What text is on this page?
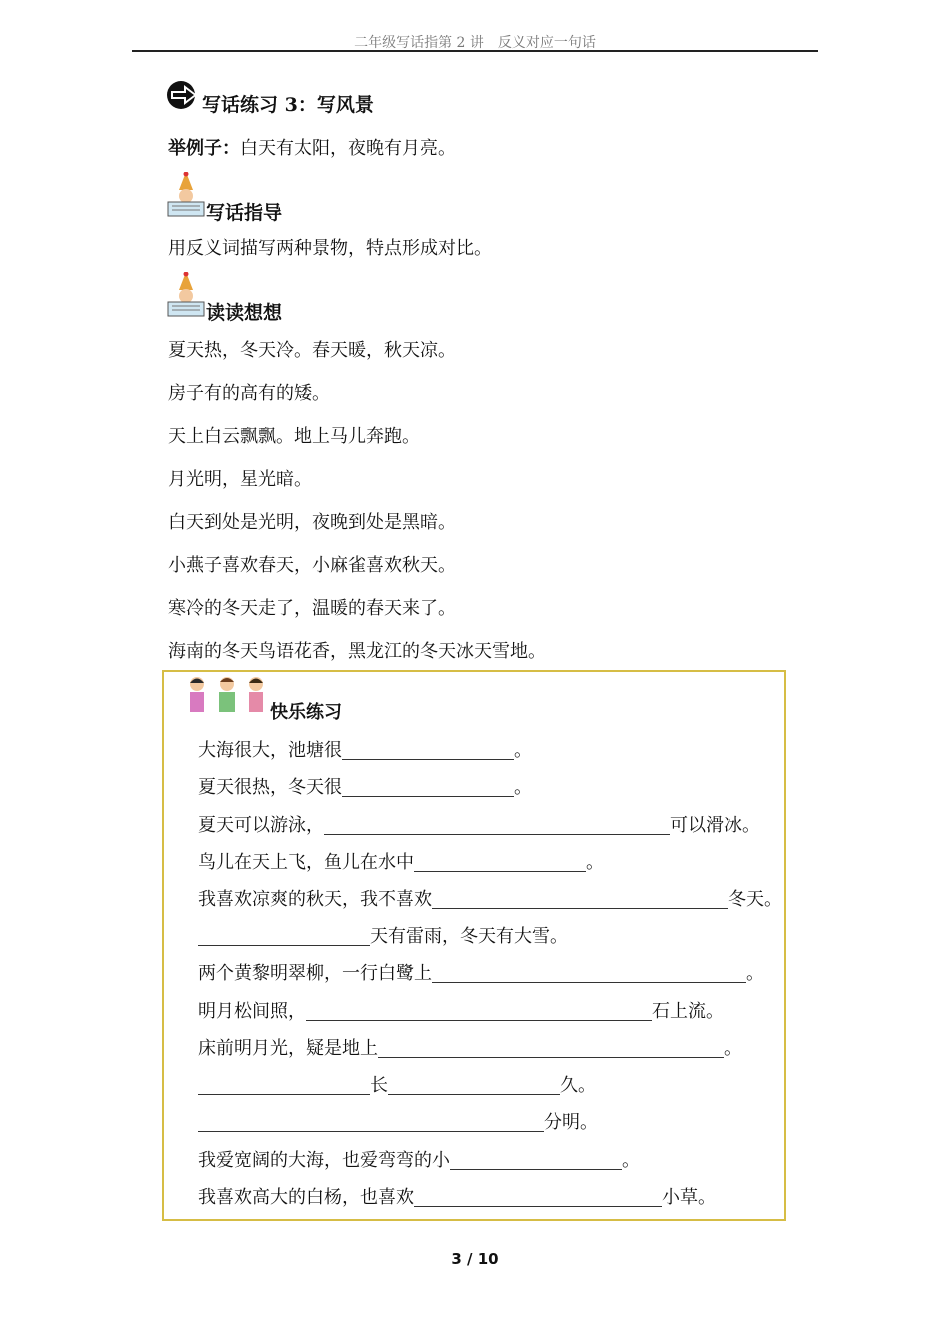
二年级写话指第 2 讲　反义对应一句话
写话练习 3：写风景
举例子：白天有太阳，夜晚有月亮。
写话指导
用反义词描写两种景物，特点形成对比。
读读想想
夏天热，冬天冷。春天暖，秋天凉。
房子有的高有的矮。
天上白云飘飘。地上马儿奔跑。
月光明，星光暗。
白天到处是光明，夜晚到处是黑暗。
小燕子喜欢春天，小麻雀喜欢秋天。
寒冷的冬天走了，温暖的春天来了。
海南的冬天鸟语花香，黑龙江的冬天冰天雪地。
快乐练习
大海很大，池塘很	。
夏天很热，冬天很	。
夏天可以游泳，	可以滑冰。
鸟儿在天上飞，鱼儿在水中	。
我喜欢凉爽的秋天，我不喜欢	冬天。
天有雷雨，冬天有大雪。
两个黄黎明翠柳，一行白鹭上	。
明月松间照，	石上流。
床前明月光，疑是地上	。
长	久。
分明。
我爱宽阔的大海，也爱弯弯的小	。
我喜欢高大的白杨，也喜欢	小草。
3 / 10
